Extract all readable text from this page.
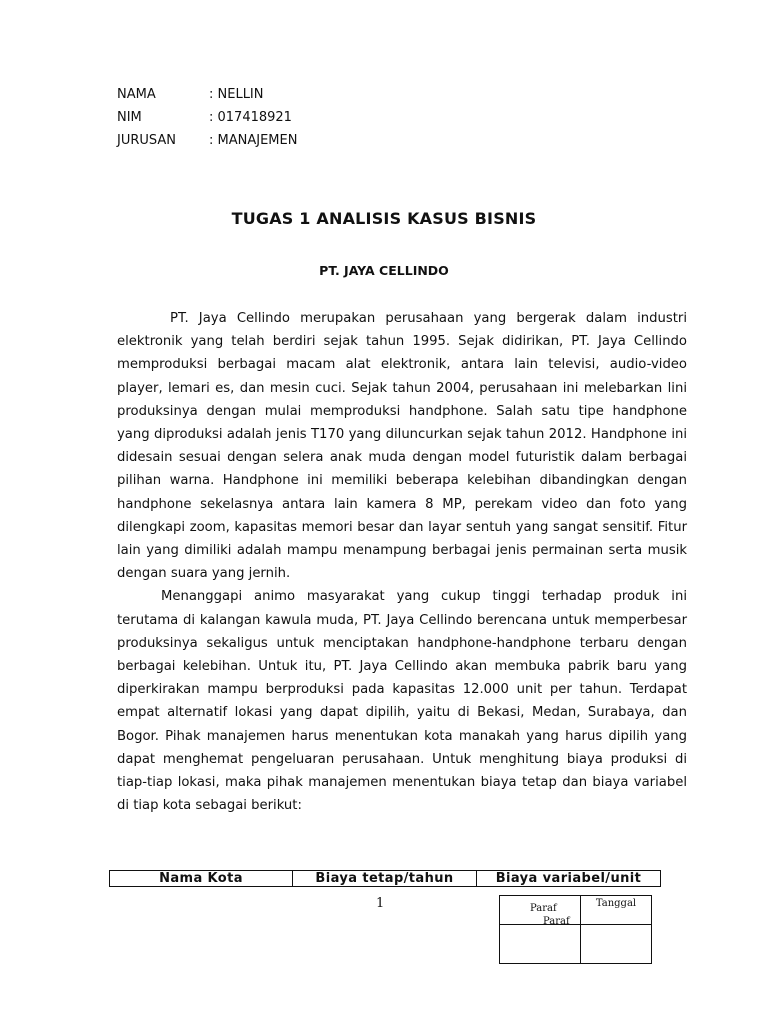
NAMA	: NELLIN
NIM	: 017418921
JURUSAN	: MANAJEMEN
TUGAS 1 ANALISIS KASUS BISNIS
PT. JAYA CELLINDO

PT. Jaya Cellindo merupakan perusahaan yang bergerak dalam industri elektronik yang telah berdiri sejak tahun 1995. Sejak didirikan, PT. Jaya Cellindo memproduksi berbagai macam alat elektronik, antara lain televisi, audio-video player, lemari es, dan mesin cuci. Sejak tahun 2004, perusahaan ini melebarkan lini produksinya dengan mulai memproduksi handphone. Salah satu tipe handphone yang diproduksi adalah jenis T170 yang diluncurkan sejak tahun 2012. Handphone ini didesain sesuai dengan selera anak muda dengan model futuristik dalam berbagai pilihan warna. Handphone ini memiliki beberapa kelebihan dibandingkan dengan handphone sekelasnya antara lain kamera 8 MP, perekam video dan foto yang dilengkapi zoom, kapasitas memori besar dan layar sentuh yang sangat sensitif. Fitur lain yang dimiliki adalah mampu menampung berbagai jenis permainan serta musik dengan suara yang jernih.

Menanggapi animo masyarakat yang cukup tinggi terhadap produk ini terutama di kalangan kawula muda, PT. Jaya Cellindo berencana untuk memperbesar produksinya sekaligus untuk menciptakan handphone-handphone terbaru dengan berbagai kelebihan. Untuk itu, PT. Jaya Cellindo akan membuka pabrik baru yang diperkirakan mampu berproduksi pada kapasitas 12.000 unit per tahun. Terdapat empat alternatif lokasi yang dapat dipilih, yaitu di Bekasi, Medan, Surabaya, dan Bogor. Pihak manajemen harus menentukan kota manakah yang harus dipilih yang dapat menghemat pengeluaran perusahaan. Untuk menghitung biaya produksi di tiap-tiap lokasi, maka pihak manajemen menentukan biaya tetap dan biaya variabel di tiap kota sebagai berikut:

Nama Kota	Biaya tetap/tahun	Biaya variabel/unit
1	Paraf
Paraf
Tanggal
